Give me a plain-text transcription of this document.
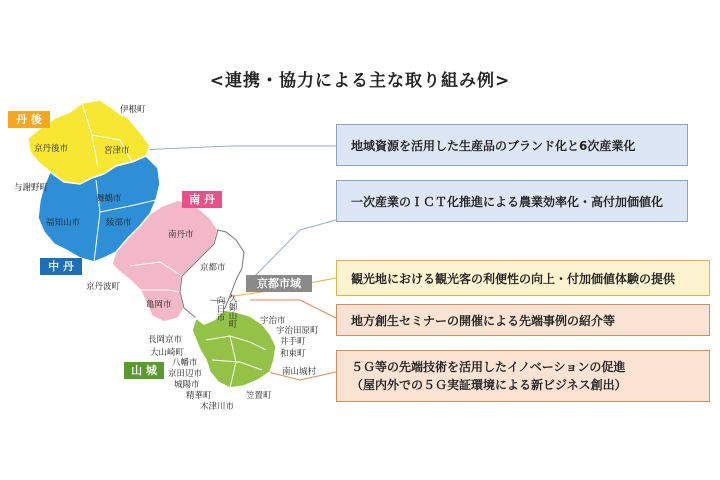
<連携・協力による主な取り組み例>
伊根町
京丹後市	宮津市
与謝野町
舞鶴市
福知山市	綾部市
南丹市
京丹波町
京都市
亀岡市
長岡京市
大山崎町
八幡市
京田辺市
城陽市
精華町
木津川市
笠置町
南山城村
和束町
井手町
宇治田原町
宇治市
久御山町
向日市
丹 後
中 丹
南 丹
京都市域
山 城
地域資源を活用した生産品のブランド化と6次産業化
一次産業のＩＣＴ化推進による農業効率化・高付加価値化
観光地における観光客の利便性の向上・付加価値体験の提供
地方創生セミナーの開催による先端事例の紹介等
５Ｇ等の先端技術を活用したイノベーションの促進
（屋内外での５Ｇ実証環境による新ビジネス創出）
